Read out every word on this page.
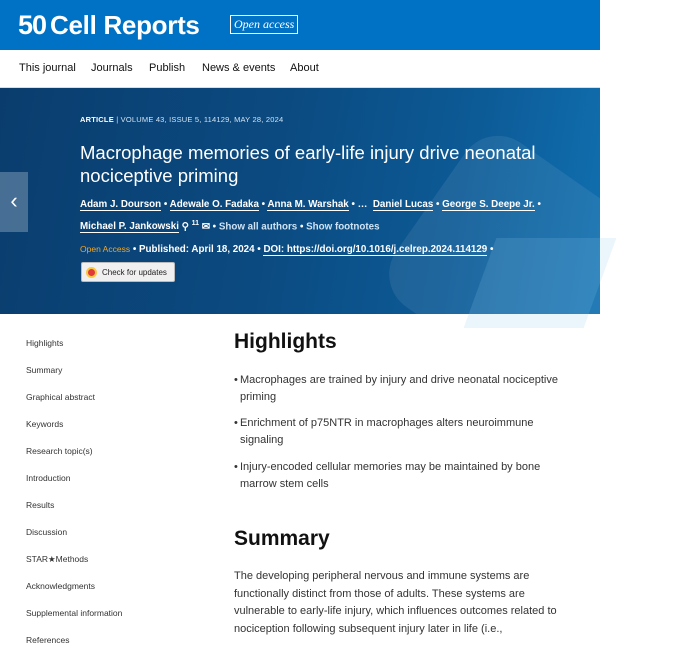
50 Cell Reports	Open access
This journal Journals Publish News & events About
‹
ARTICLE | VOLUME 43, ISSUE 5, 114129, MAY 28, 2024
Macrophage memories of early-life injury drive neonatal nociceptive priming
Adam J. Dourson • Adewale O. Fadaka • Anna M. Warshak • … Daniel Lucas • George S. Deepe Jr. • Michael P. Jankowski ⚲ $^{11}$ ✉ • Show all authors • Show footnotes
Open Access • Published: April 18, 2024 • DOI: https://doi.org/10.1016/j.celrep.2024.114129 •
Check for updates
Highlights
Summary
Graphical abstract
Keywords
Research topic(s)
Introduction
Results
Discussion
STAR★Methods
Acknowledgments
Supplemental information
References
Highlights
• Macrophages are trained by injury and drive neonatal nociceptive priming
• Enrichment of p75NTR in macrophages alters neuroimmune signaling
• Injury-encoded cellular memories may be maintained by bone marrow stem cells
Summary

The developing peripheral nervous and immune systems are functionally distinct from those of adults. These systems are vulnerable to early-life injury, which influences outcomes related to nociception following subsequent injury later in life (i.e.,
